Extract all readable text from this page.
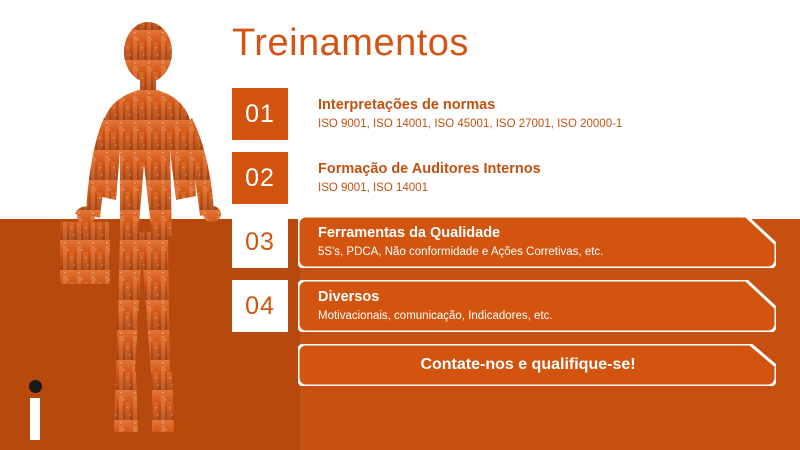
Treinamentos
01	Interpretações de normas
ISO 9001, ISO 14001, ISO 45001, ISO 27001, ISO 20000-1
02	Formação de Auditores Internos
ISO 9001, ISO 14001
03	Ferramentas da Qualidade
5S's, PDCA, Não conformidade e Ações Corretivas, etc.
04	Diversos
Motivacionais, comunicação, Indicadores, etc.
Contate-nos e qualifique-se!
